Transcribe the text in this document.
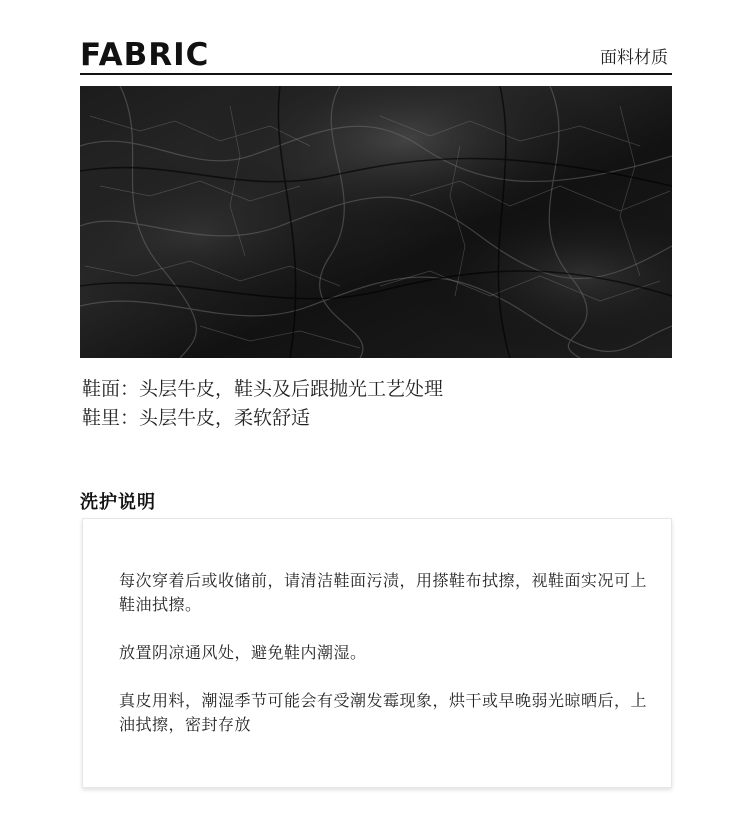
FABRIC	面料材质
鞋面：头层牛皮，鞋头及后跟抛光工艺处理
鞋里：头层牛皮，柔软舒适
洗护说明
每次穿着后或收储前，请清洁鞋面污渍，用搽鞋布拭擦，视鞋面实况可上鞋油拭擦。
放置阴凉通风处，避免鞋内潮湿。
真皮用料，潮湿季节可能会有受潮发霉现象，烘干或早晚弱光晾晒后，上油拭擦，密封存放
